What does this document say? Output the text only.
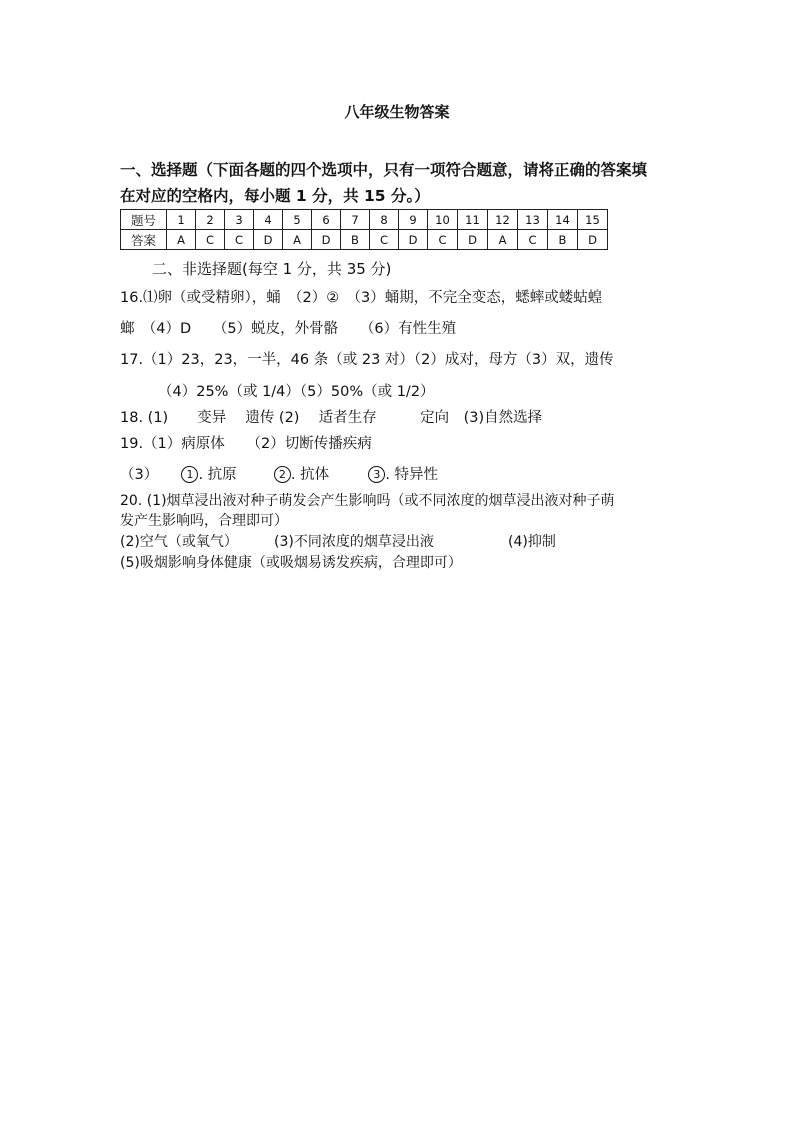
八年级生物答案
一、选择题（下面各题的四个选项中，只有一项符合题意，请将正确的答案填
在对应的空格内，每小题 1 分，共 15 分。）
题号	1	2	3	4	5	6	7	8	9	10	11	12	13	14	15
答案	A	C	C	D	A	D	B	C	D	C	D	A	C	B	D
二、非选择题(每空 1 分，共 35 分)
16.⑴卵（或受精卵），蛹　（2）②　（3）蛹期，不完全变态，蟋蟀或蝼蛄蝗
螂　（4）D　　（5）蜕皮，外骨骼　　（6）有性生殖
17.（1）23，23，一半，46 条（或 23 对）（2）成对，母方（3）双，遗传
（4）25%（或 1/4）（5）50%（或 1/2）
18. (1)　　变异　 遗传 (2)　 适者生存　　　定向　(3)自然选择
19.（1）病原体　　（2）切断传播疾病
（3）	1 . 抗原	2 . 抗体	3 . 特异性
20. (1)烟草浸出液对种子萌发会产生影响吗（或不同浓度的烟草浸出液对种子萌
发产生影响吗，合理即可）
(2)空气（或氧气）	(3)不同浓度的烟草浸出液	(4)抑制
(5)吸烟影响身体健康（或吸烟易诱发疾病，合理即可）
